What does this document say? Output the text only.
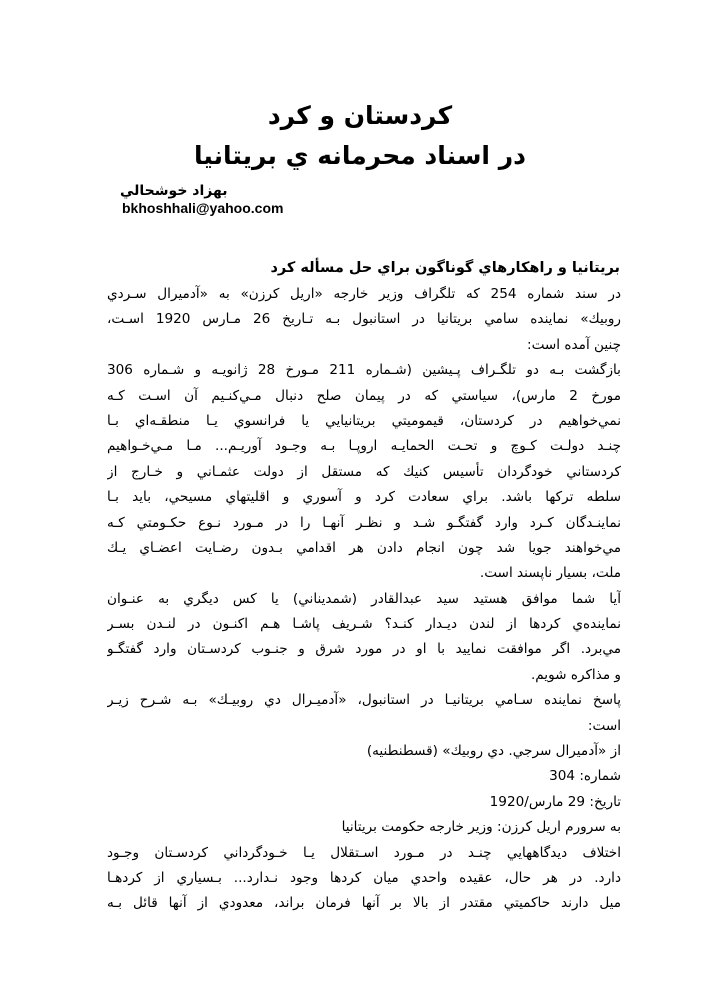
كردستان و كرد
در اسناد محرمانه ي بريتانيا
بهزاد خوشحالي
bkhoshhali@yahoo.com
بريتانيا و راهكارهاي گوناگون براي حل مسأله كرد
در سند شماره 254 كه تلگراف وزير خارجه «اريل كرزن» به «آدميرال سـردي
روبيك» نماينده سامي بريتانيا در استانبول بـه تـاريخ 26 مـارس 1920 اسـت،
چنين آمده است:
بازگشت بـه دو تلگـراف پـيشين (شـماره 211 مـورخ 28 ژانويـه و شـماره 306
مورخ 2 مارس)، سياستي كه در پيمان صلح دنبال مـي‌كنـيم آن اسـت كـه
نمي‌خواهيم در كردستان، قيموميتي بريتانيايي يا فرانسوي يـا منطقـه‌اي بـا
چنـد دولـت كـوچ و تحـت الحمايـه اروپـا بـه وجـود آوريـم... مـا مـي‌خـواهيم
كردستاني خودگردان تأسيس كنيك كه مستقل از دولت عثمـاني و خـارج از
سلطه تركها باشد. براي سعادت كرد و آسوري و اقليتهاي مسيحي، بايد بـا
نماينـدگان كـرد وارد گفتگـو شـد و نظـر آنهـا را در مـورد نـوع حكـومتي كـه
مي‌خواهند جويا شد چون انجام دادن هر اقدامي بـدون رضـايت اعضـاي يـك
ملت، بسيار ناپسند است.
آيا شما موافق هستيد سيد عبدالقادر (شمدیناني) يا كس ديگري به عنـوان
نماينده‌ي كردها از لندن ديـدار كنـد؟ شـريف پاشـا هـم اكنـون در لنـدن بسـر
مي‌برد. اگر موافقت نماييد با او در مورد شرق و جنـوب كردسـتان وارد گفتگـو
و مذاكره شويم.
پاسخ نماينده سـامي بريتانيـا در استانبول، «آدميـرال دي روبيـك» بـه شـرح زيـر
است:
از «آدميرال سرجي. دي روبيك» (قسطنطنيه)
شماره: 304
تاريخ: 29 مارس/1920
به سرورم اريل كرزن: وزير خارجه حكومت بريتانيا
اختلاف ديدگاههايي چنـد در مـورد اسـتقلال يـا خـودگرداني كردسـتان وجـود
دارد. در هر حال، عقيده واحدي ميان كردها وجود نـدارد... بـسياري از كردهـا
ميل دارند حاكميتي مقتدر از بالا بر آنها فرمان براند، معدودي از آنها قائل بـه
